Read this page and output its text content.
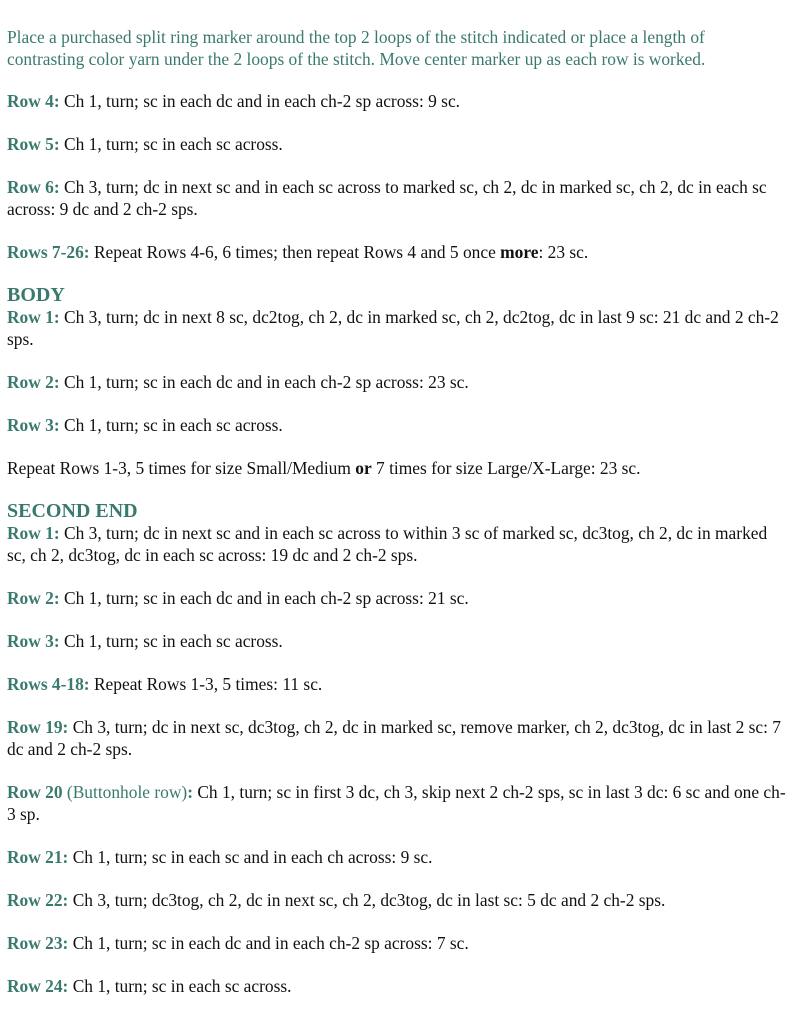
Place a purchased split ring marker around the top 2 loops of the stitch indicated or place a length of contrasting color yarn under the 2 loops of the stitch. Move center marker up as each row is worked.

Row 4: Ch 1, turn; sc in each dc and in each ch-2 sp across: 9 sc.

Row 5: Ch 1, turn; sc in each sc across.

Row 6: Ch 3, turn; dc in next sc and in each sc across to marked sc, ch 2, dc in marked sc, ch 2, dc in each sc across: 9 dc and 2 ch-2 sps.

Rows 7-26: Repeat Rows 4-6, 6 times; then repeat Rows 4 and 5 once more: 23 sc.

BODY

Row 1: Ch 3, turn; dc in next 8 sc, dc2tog, ch 2, dc in marked sc, ch 2, dc2tog, dc in last 9 sc: 21 dc and 2 ch-2 sps.

Row 2: Ch 1, turn; sc in each dc and in each ch-2 sp across: 23 sc.

Row 3: Ch 1, turn; sc in each sc across.

Repeat Rows 1-3, 5 times for size Small/Medium or 7 times for size Large/X-Large: 23 sc.

SECOND END

Row 1: Ch 3, turn; dc in next sc and in each sc across to within 3 sc of marked sc, dc3tog, ch 2, dc in marked sc, ch 2, dc3tog, dc in each sc across: 19 dc and 2 ch-2 sps.

Row 2: Ch 1, turn; sc in each dc and in each ch-2 sp across: 21 sc.

Row 3: Ch 1, turn; sc in each sc across.

Rows 4-18: Repeat Rows 1-3, 5 times: 11 sc.

Row 19: Ch 3, turn; dc in next sc, dc3tog, ch 2, dc in marked sc, remove marker, ch 2, dc3tog, dc in last 2 sc: 7 dc and 2 ch-2 sps.

Row 20 (Buttonhole row): Ch 1, turn; sc in first 3 dc, ch 3, skip next 2 ch-2 sps, sc in last 3 dc: 6 sc and one ch-3 sp.

Row 21: Ch 1, turn; sc in each sc and in each ch across: 9 sc.

Row 22: Ch 3, turn; dc3tog, ch 2, dc in next sc, ch 2, dc3tog, dc in last sc: 5 dc and 2 ch-2 sps.

Row 23: Ch 1, turn; sc in each dc and in each ch-2 sp across: 7 sc.

Row 24: Ch 1, turn; sc in each sc across.
